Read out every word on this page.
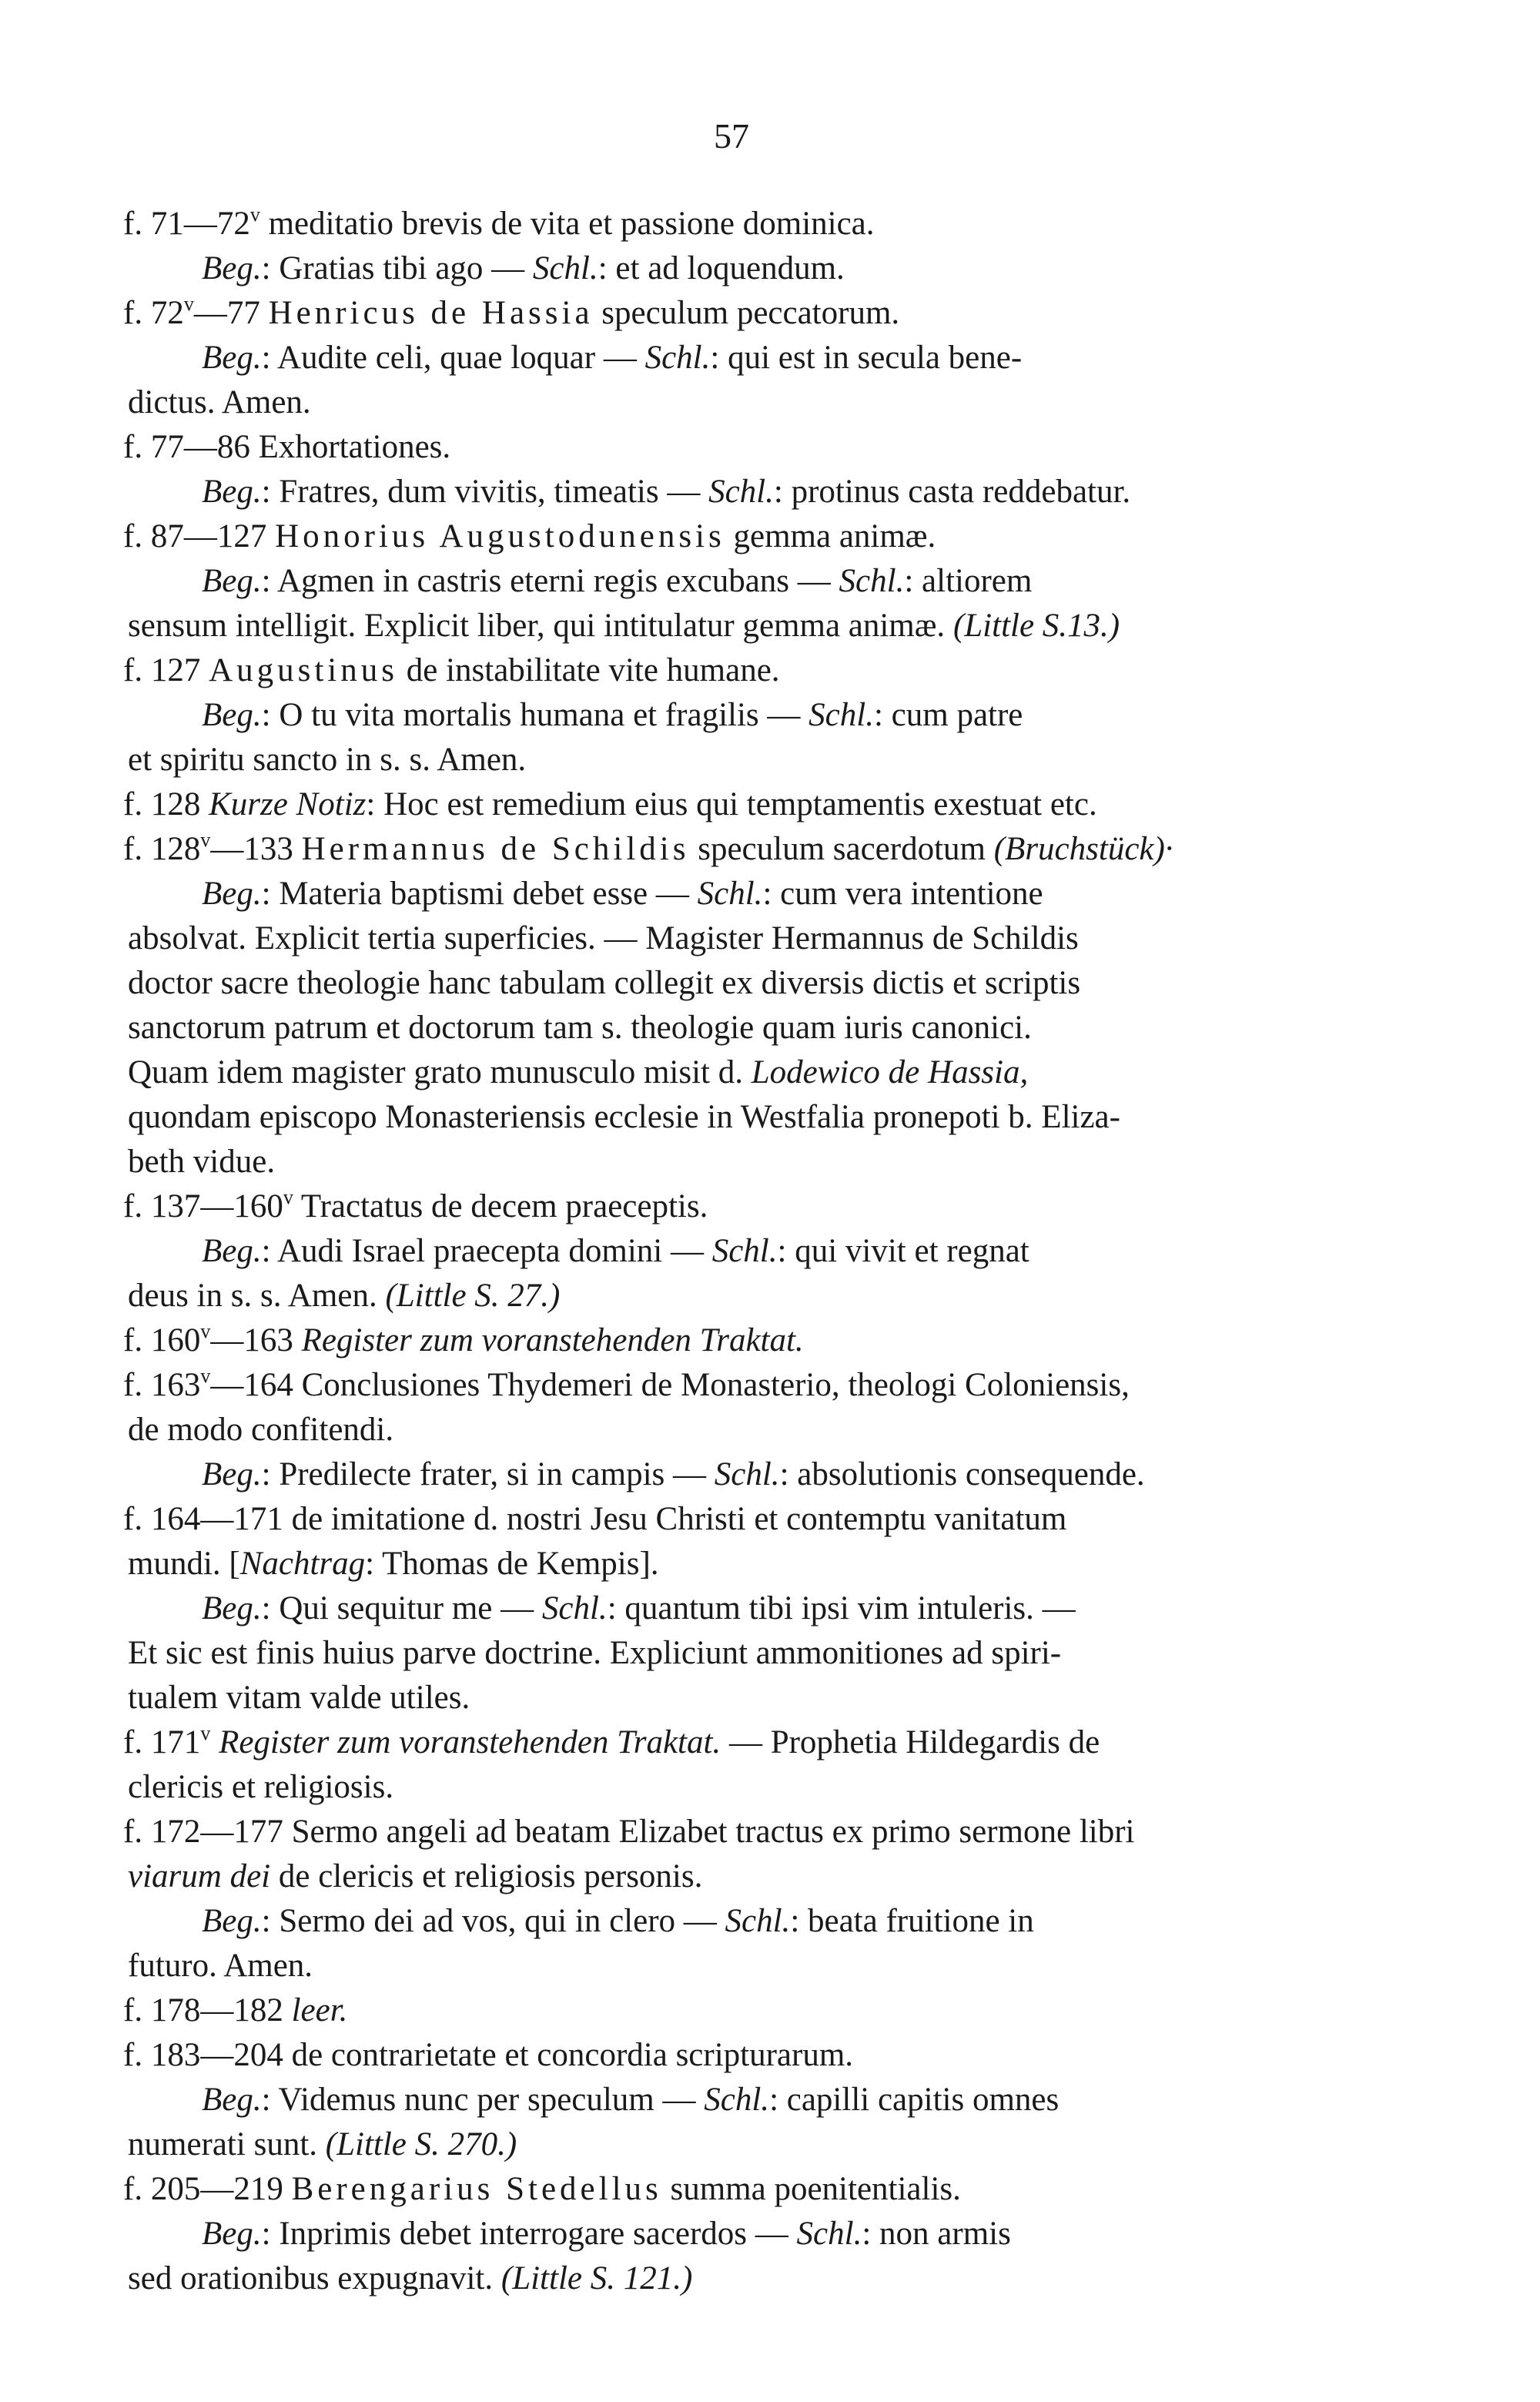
57
f. 71—72$^v$ meditatio brevis de vita et passione dominica.
Beg.: Gratias tibi ago — Schl.: et ad loquendum.
f. 72$^v$—77 Henricus de Hassia speculum peccatorum.
Beg.: Audite celi, quae loquar — Schl.: qui est in secula bene-
dictus. Amen.
f. 77—86 Exhortationes.
Beg.: Fratres, dum vivitis, timeatis — Schl.: protinus casta reddebatur.
f. 87—127 Honorius Augustodunensis gemma animæ.
Beg.: Agmen in castris eterni regis excubans — Schl.: altiorem
sensum intelligit. Explicit liber, qui intitulatur gemma animæ. (Little S.13.)
f. 127 Augustinus de instabilitate vite humane.
Beg.: O tu vita mortalis humana et fragilis — Schl.: cum patre
et spiritu sancto in s. s. Amen.
f. 128 Kurze Notiz: Hoc est remedium eius qui temptamentis exestuat etc.
f. 128$^v$—133 Hermannus de Schildis speculum sacerdotum (Bruchstück)·
Beg.: Materia baptismi debet esse — Schl.: cum vera intentione
absolvat. Explicit tertia superficies. — Magister Hermannus de Schildis
doctor sacre theologie hanc tabulam collegit ex diversis dictis et scriptis
sanctorum patrum et doctorum tam s. theologie quam iuris canonici.
Quam idem magister grato munusculo misit d. Lodewico de Hassia,
quondam episcopo Monasteriensis ecclesie in Westfalia pronepoti b. Eliza-
beth vidue.
f. 137—160$^v$ Tractatus de decem praeceptis.
Beg.: Audi Israel praecepta domini — Schl.: qui vivit et regnat
deus in s. s. Amen. (Little S. 27.)
f. 160$^v$—163 Register zum voranstehenden Traktat.
f. 163$^v$—164 Conclusiones Thydemeri de Monasterio, theologi Coloniensis,
de modo confitendi.
Beg.: Predilecte frater, si in campis — Schl.: absolutionis consequende.
f. 164—171 de imitatione d. nostri Jesu Christi et contemptu vanitatum
mundi. [Nachtrag: Thomas de Kempis].
Beg.: Qui sequitur me — Schl.: quantum tibi ipsi vim intuleris. —
Et sic est finis huius parve doctrine. Expliciunt ammonitiones ad spiri-
tualem vitam valde utiles.
f. 171$^v$ Register zum voranstehenden Traktat. — Prophetia Hildegardis de
clericis et religiosis.
f. 172—177 Sermo angeli ad beatam Elizabet tractus ex primo sermone libri
viarum dei de clericis et religiosis personis.
Beg.: Sermo dei ad vos, qui in clero — Schl.: beata fruitione in
futuro. Amen.
f. 178—182 leer.
f. 183—204 de contrarietate et concordia scripturarum.
Beg.: Videmus nunc per speculum — Schl.: capilli capitis omnes
numerati sunt. (Little S. 270.)
f. 205—219 Berengarius Stedellus summa poenitentialis.
Beg.: Inprimis debet interrogare sacerdos — Schl.: non armis
sed orationibus expugnavit. (Little S. 121.)
